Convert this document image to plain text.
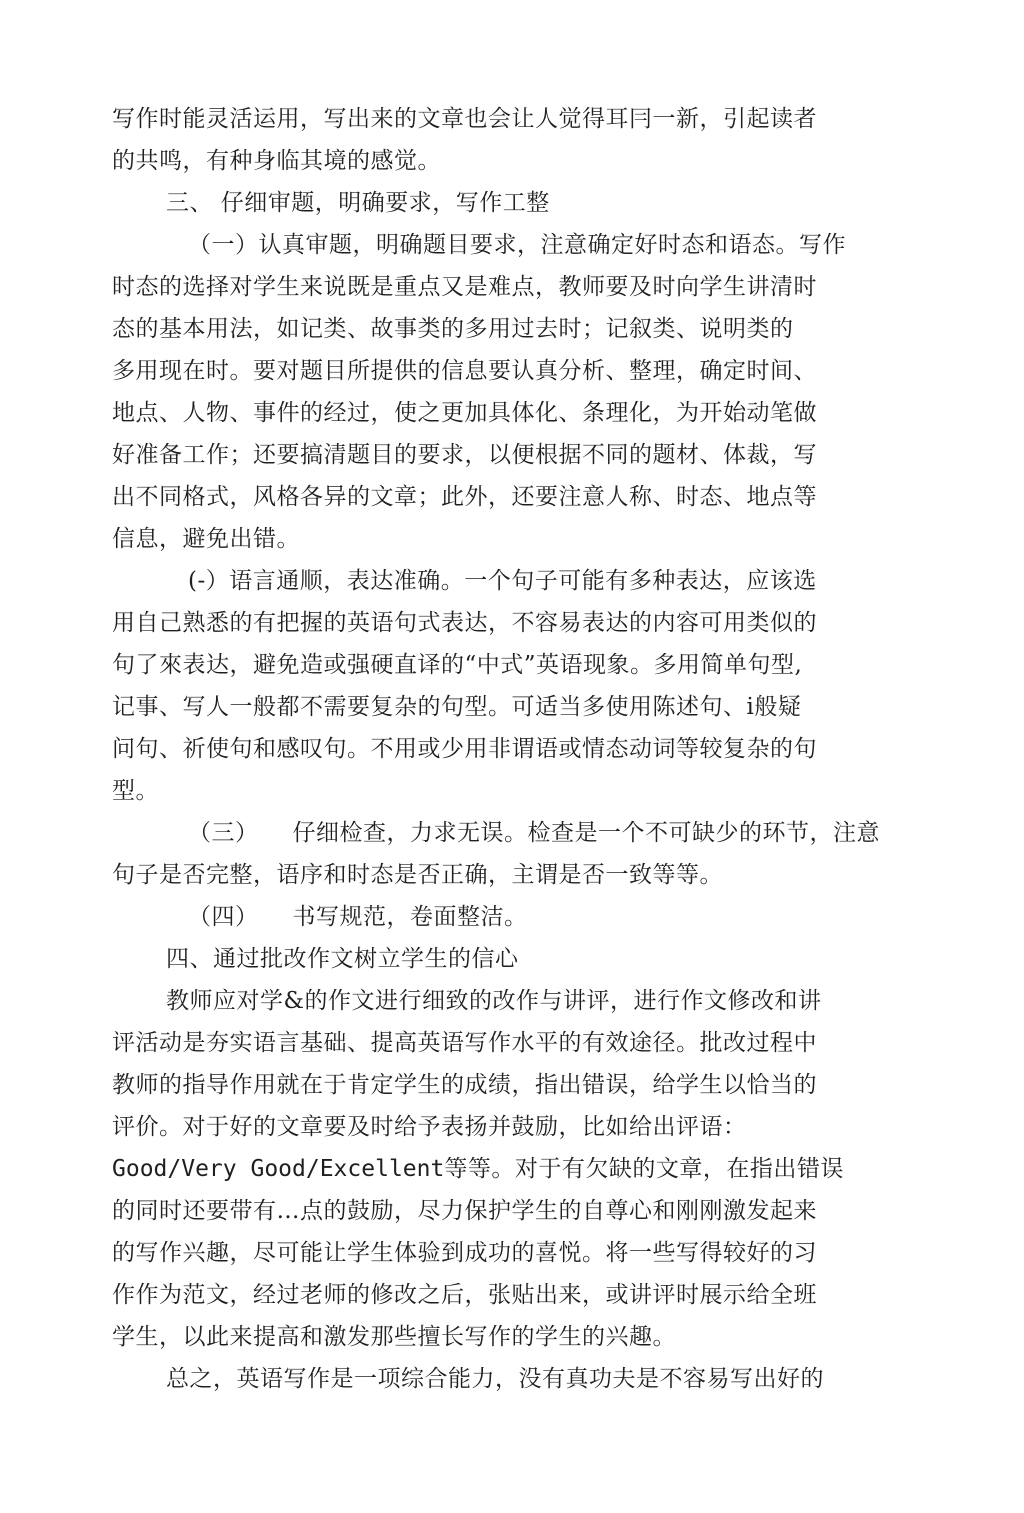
写作时能灵活运用，写出来的文章也会让人觉得耳冃一新，引起读者
的共鸣，有种身临其境的感觉。
三、 仔细审题，明确要求，写作工整
（一）认真审题，明确题目要求，注意确定好时态和语态。写作
时态的选择对学生来说既是重点又是难点，教师要及时向学生讲清时
态的基本用法，如记类、故事类的多用过去时；记叙类、说明类的
多用现在时。要对题目所提供的信息要认真分析、整理，确定时间、
地点、人物、事件的经过，使之更加具体化、条理化，为开始动笔做
好准备工作；还要搞清题目的要求，以便根据不同的题材、体裁，写
出不同格式，风格各异的文章；此外，还要注意人称、时态、地点等
信息，避免出错。
(-）语言通顺，表达准确。一个句子可能有多种表达，应该选
用自己熟悉的有把握的英语句式表达，不容易表达的内容可用类似的
句了來表达，避免造或强硬直译的“中式”英语现象。多用简单句型,
记事、写人一般都不需要复杂的句型。可适当多使用陈述句、i般疑
问句、祈使句和感叹句。不用或少用非谓语或情态动词等较复杂的句
型。
（三） 仔细检查，力求无误。检查是一个不可缺少的环节，注意
句子是否完整，语序和时态是否正确，主谓是否一致等等。
（四） 书写规范，卷面整洁。
四、通过批改作文树立学生的信心
教师应对学&的作文进行细致的改作与讲评，进行作文修改和讲
评活动是夯实语言基础、提高英语写作水平的有效途径。批改过程中
教师的指导作用就在于肯定学生的成绩，指出错误，给学生以恰当的
评价。对于好的文章要及时给予表扬并鼓励，比如给出评语：
Good/Very Good/Excellent等等。对于有欠缺的文章，在指出错误
的同时还要带有…点的鼓励，尽力保护学生的自尊心和刚刚激发起来
的写作兴趣，尽可能让学生体验到成功的喜悦。将一些写得较好的习
作作为范文，经过老师的修改之后，张贴出来，或讲评时展示给全班
学生，以此来提高和激发那些擅长写作的学生的兴趣。
总之，英语写作是一项综合能力，没有真功夫是不容易写出好的
